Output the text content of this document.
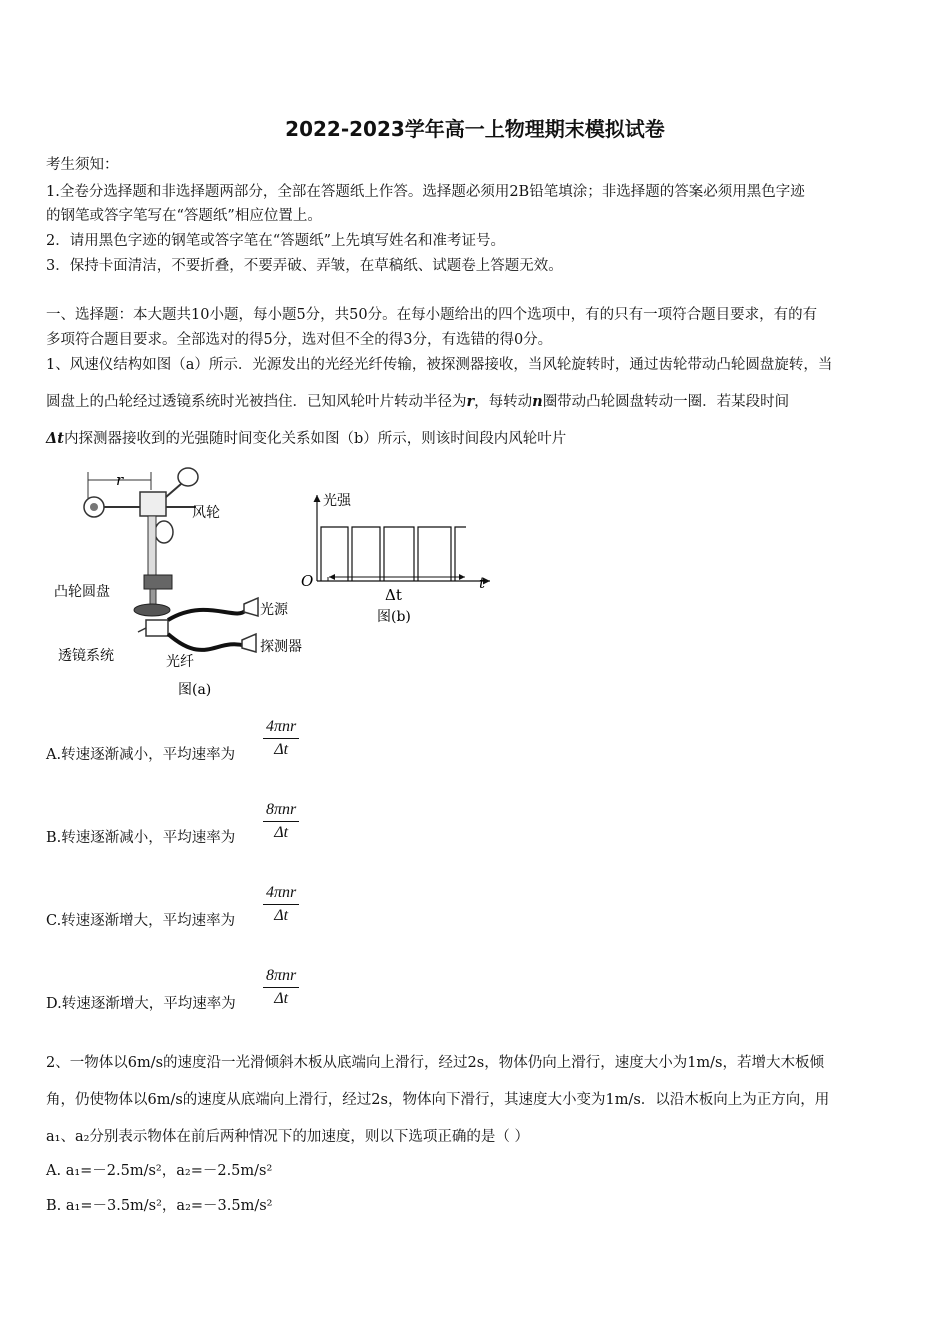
2022-2023学年高一上物理期末模拟试卷
考生须知：
1.全卷分选择题和非选择题两部分，全部在答题纸上作答。选择题必须用2B铅笔填涂；非选择题的答案必须用黑色字迹
的钢笔或答字笔写在“答题纸”相应位置上。
2．请用黑色字迹的钢笔或答字笔在“答题纸”上先填写姓名和准考证号。
3．保持卡面清洁，不要折叠，不要弄破、弄皱，在草稿纸、试题卷上答题无效。
一、选择题：本大题共10小题，每小题5分，共50分。在每小题给出的四个选项中，有的只有一项符合题目要求，有的有
多项符合题目要求。全部选对的得5分，选对但不全的得3分，有选错的得0分。
1、风速仪结构如图（a）所示．光源发出的光经光纤传输，被探测器接收，当风轮旋转时，通过齿轮带动凸轮圆盘旋转，当
圆盘上的凸轮经过透镜系统时光被挡住．已知风轮叶片转动半径为r，每转动n圈带动凸轮圆盘转动一圈．若某段时间
Δt内探测器接收到的光强随时间变化关系如图（b）所示，则该时间段内风轮叶片
r
风轮
凸轮圆盘
光源
探测器
透镜系统	光纤
图(a)
光强
O	t
Δt
图(b)
A.转速逐渐减小，平均速率为
4πnr
Δt
B.转速逐渐减小，平均速率为
8πnr
Δt
C.转速逐渐增大，平均速率为
4πnr
Δt
D.转速逐渐增大，平均速率为
8πnr
Δt
2、一物体以6m/s的速度沿一光滑倾斜木板从底端向上滑行，经过2s，物体仍向上滑行，速度大小为1m/s，若增大木板倾
角，仍使物体以6m/s的速度从底端向上滑行，经过2s，物体向下滑行，其速度大小变为1m/s．以沿木板向上为正方向，用
a₁、a₂分别表示物体在前后两种情况下的加速度，则以下选项正确的是（ ）
A. a₁=－2.5m/s²，a₂=－2.5m/s²
B. a₁=－3.5m/s²，a₂=－3.5m/s²
